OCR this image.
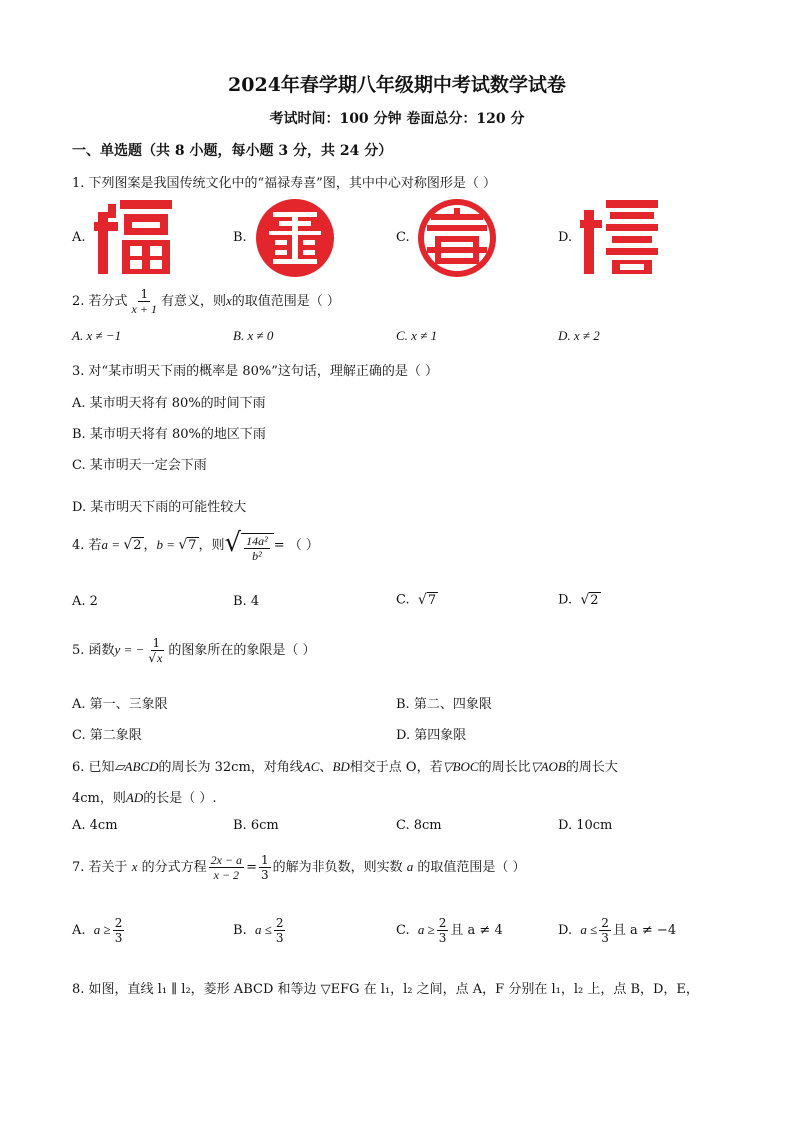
2024年春学期八年级期中考试数学试卷
考试时间：100 分钟 卷面总分：120 分
一、单选题（共 8 小题，每小题 3 分，共 24 分）
1. 下列图案是我国传统文化中的“福禄寿喜”图，其中中心对称图形是（ ）
A.	B.	C.	D.
2. 若分式 $\frac{1}{x + 1}$ 有意义，则x的取值范围是（ ）
A. x ≠ −1	B. x ≠ 0	C. x ≠ 1	D. x ≠ 2
3. 对“某市明天下雨的概率是 80%”这句话，理解正确的是（ ）
A. 某市明天将有 80%的时间下雨
B. 某市明天将有 80%的地区下雨
C. 某市明天一定会下雨
D. 某市明天下雨的可能性较大
4. 若a = √2 ，b = √7 ，则√ $\frac{\text{14a²}}{\text{b²}}$ = （ ）
A. 2	B. 4	C. √7	D. √2
5. 函数y = − $\frac{1}{√x}$ 的图象所在的象限是（ ）
A. 第一、三象限	B. 第二、四象限
C. 第二象限	D. 第四象限
6. 已知▱ABCD的周长为 32cm，对角线AC、BD相交于点 O，若▽BOC的周长比▽AOB的周长大
4cm，则AD的长是（ ）.
A. 4cm	B. 6cm	C. 8cm	D. 10cm
7. 若关于 x 的分式方程 $\frac{2x - a}{x - 2} = \frac{1}{3}$ 的解为非负数，则实数 a 的取值范围是（ ）
A. $a \ge \frac{2}{3}$	B. $a \le \frac{2}{3}$	C. $a \ge \frac{2}{3}$ 且 a ≠ 4	D. $a \le \frac{2}{3}$ 且 a ≠ −4
8. 如图，直线 l₁ ∥ l₂，菱形 ABCD 和等边 ▽EFG 在 l₁，l₂ 之间，点 A，F 分别在 l₁，l₂ 上，点 B，D，E，
